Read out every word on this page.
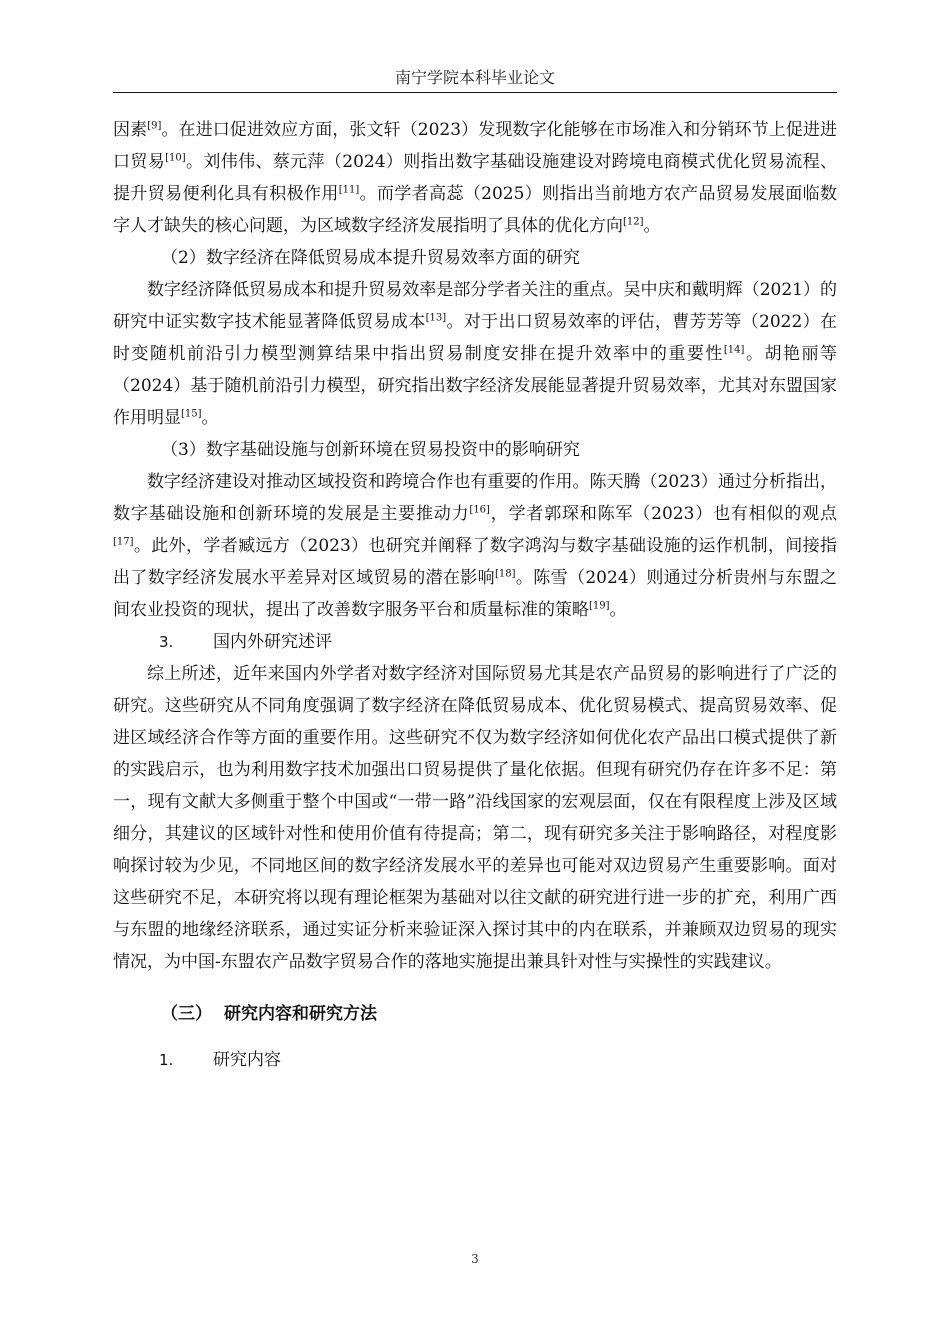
南宁学院本科毕业论文

因素[9]。在进口促进效应方面，张文轩（2023）发现数字化能够在市场准入和分销环节上促进进口贸易[10]。刘伟伟、蔡元萍（2024）则指出数字基础设施建设对跨境电商模式优化贸易流程、提升贸易便利化具有积极作用[11]。而学者高蕊（2025）则指出当前地方农产品贸易发展面临数字人才缺失的核心问题，为区域数字经济发展指明了具体的优化方向[12]。

（2）数字经济在降低贸易成本提升贸易效率方面的研究

数字经济降低贸易成本和提升贸易效率是部分学者关注的重点。吴中庆和戴明辉（2021）的研究中证实数字技术能显著降低贸易成本[13]。对于出口贸易效率的评估，曹芳芳等（2022）在时变随机前沿引力模型测算结果中指出贸易制度安排在提升效率中的重要性[14]。胡艳丽等（2024）基于随机前沿引力模型，研究指出数字经济发展能显著提升贸易效率，尤其对东盟国家作用明显[15]。

（3）数字基础设施与创新环境在贸易投资中的影响研究

数字经济建设对推动区域投资和跨境合作也有重要的作用。陈天腾（2023）通过分析指出，数字基础设施和创新环境的发展是主要推动力[16]，学者郭琛和陈军（2023）也有相似的观点[17]。此外，学者臧远方（2023）也研究并阐释了数字鸿沟与数字基础设施的运作机制，间接指出了数字经济发展水平差异对区域贸易的潜在影响[18]。陈雪（2024）则通过分析贵州与东盟之间农业投资的现状，提出了改善数字服务平台和质量标准的策略[19]。

3.	国内外研究述评

综上所述，近年来国内外学者对数字经济对国际贸易尤其是农产品贸易的影响进行了广泛的研究。这些研究从不同角度强调了数字经济在降低贸易成本、优化贸易模式、提高贸易效率、促进区域经济合作等方面的重要作用。这些研究不仅为数字经济如何优化农产品出口模式提供了新的实践启示，也为利用数字技术加强出口贸易提供了量化依据。但现有研究仍存在许多不足：第一，现有文献大多侧重于整个中国或“一带一路”沿线国家的宏观层面，仅在有限程度上涉及区域细分，其建议的区域针对性和使用价值有待提高；第二，现有研究多关注于影响路径，对程度影响探讨较为少见，不同地区间的数字经济发展水平的差异也可能对双边贸易产生重要影响。面对这些研究不足，本研究将以现有理论框架为基础对以往文献的研究进行进一步的扩充，利用广西与东盟的地缘经济联系，通过实证分析来验证深入探讨其中的内在联系，并兼顾双边贸易的现实情况，为中国-东盟农产品数字贸易合作的落地实施提出兼具针对性与实操性的实践建议。

（三） 研究内容和研究方法

1.	研究内容

3
